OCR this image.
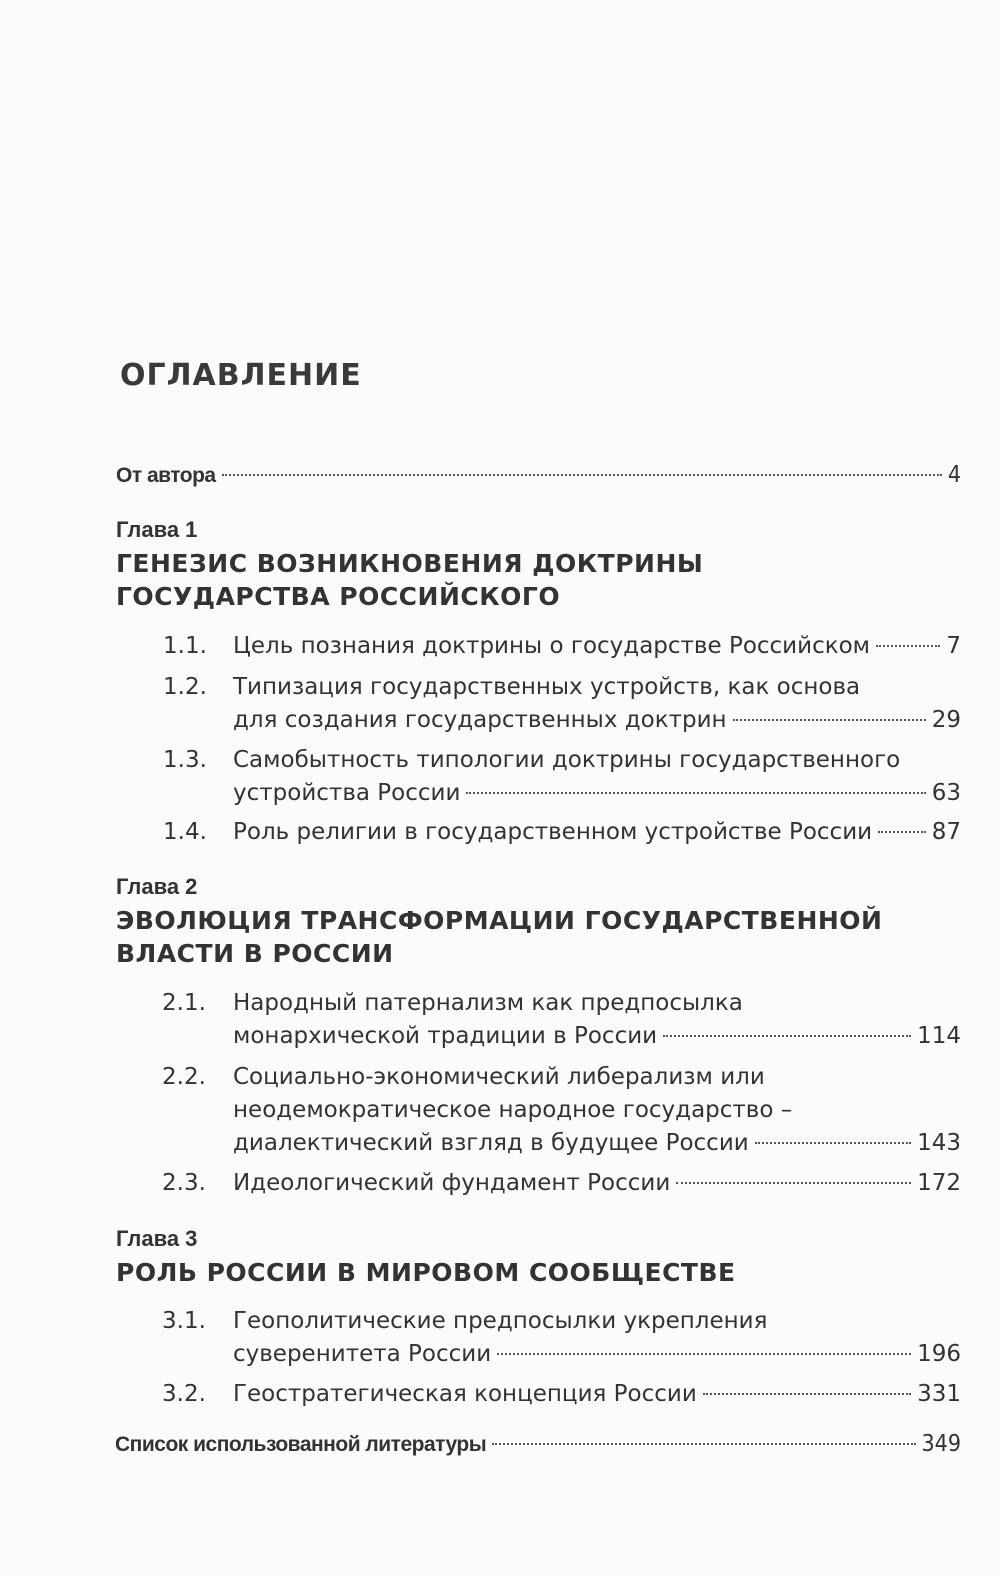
ОГЛАВЛЕНИЕ
От автора	4
Глава 1
ГЕНЕЗИС ВОЗНИКНОВЕНИЯ ДОКТРИНЫ
ГОСУДАРСТВА РОССИЙСКОГО
1.1. Цель познания доктрины о государстве Российском	7
1.2. Типизация государственных устройств, как основа
для создания государственных доктрин	29
1.3. Самобытность типологии доктрины государственного
устройства России	63
1.4. Роль религии в государственном устройстве России	87
Глава 2
ЭВОЛЮЦИЯ ТРАНСФОРМАЦИИ ГОСУДАРСТВЕННОЙ
ВЛАСТИ В РОССИИ
2.1. Народный патернализм как предпосылка
монархической традиции в России	114
2.2. Социально-экономический либерализм или
неодемократическое народное государство –
диалектический взгляд в будущее России	143
2.3. Идеологический фундамент России	172
Глава 3
РОЛЬ РОССИИ В МИРОВОМ СООБЩЕСТВЕ
3.1. Геополитические предпосылки укрепления
суверенитета России	196
3.2. Геостратегическая концепция России	331
Список использованной литературы	349
